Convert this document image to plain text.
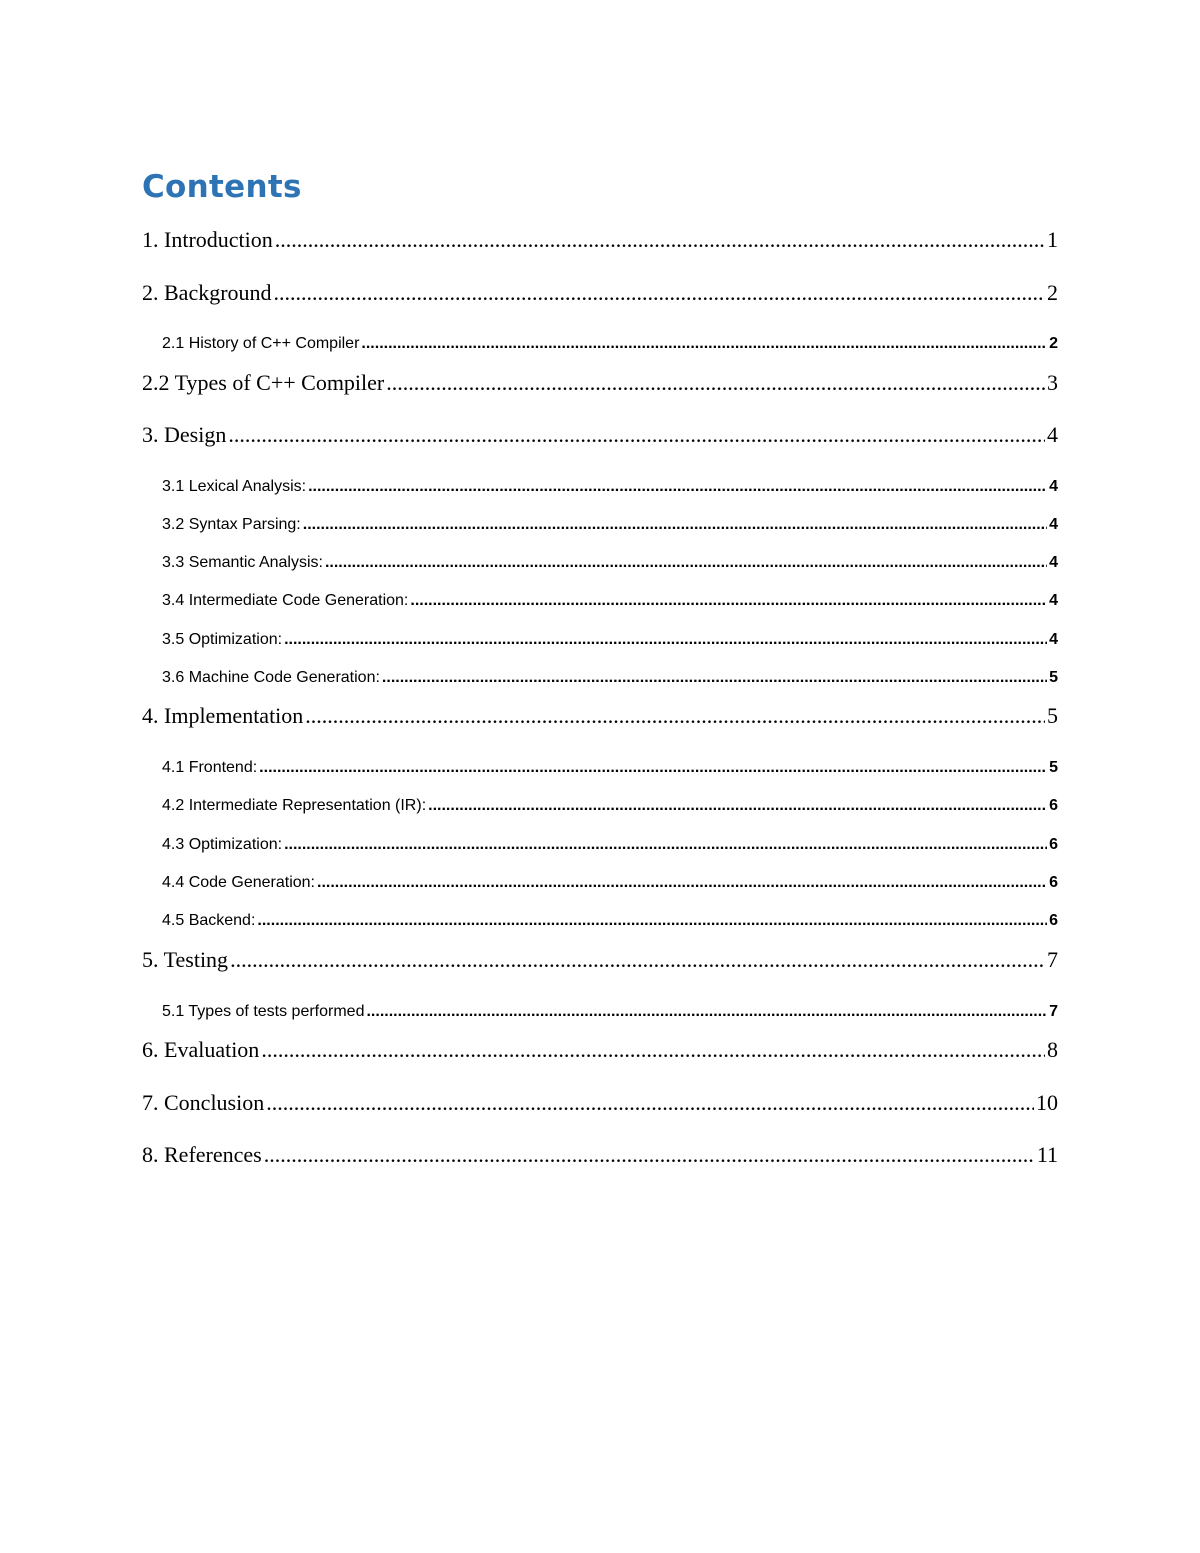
Contents
1. Introduction .....	1
2. Background .....	2
2.1 History of C++ Compiler .....	2
2.2 Types of C++ Compiler .....	3
3. Design .....	4
3.1 Lexical Analysis: .....	4
3.2 Syntax Parsing: .....	4
3.3 Semantic Analysis: .....	4
3.4 Intermediate Code Generation: .....	4
3.5 Optimization: .....	4
3.6 Machine Code Generation: .....	5
4. Implementation .....	5
4.1 Frontend: .....	5
4.2 Intermediate Representation (IR): .....	6
4.3 Optimization: .....	6
4.4 Code Generation: .....	6
4.5 Backend: .....	6
5. Testing .....	7
5.1 Types of tests performed .....	7
6. Evaluation .....	8
7. Conclusion .....	10
8. References .....	11
